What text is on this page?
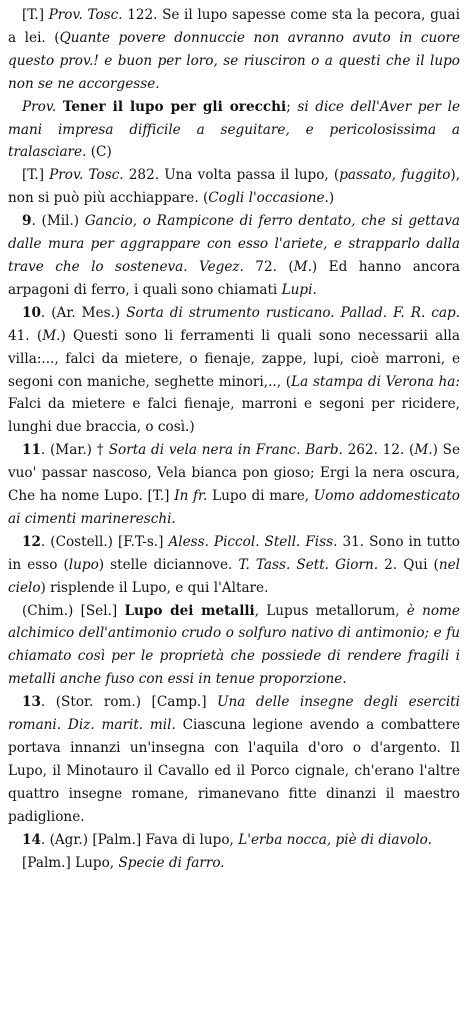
[T.] Prov. Tosc. 122. Se il lupo sapesse come sta la pecora, guai a lei. (Quante povere donnuccie non avranno avuto in cuore questo prov.! e buon per loro, se riusciron o a questi che il lupo non se ne accorgesse.

Prov. Tener il lupo per gli orecchi; si dice dell'Aver per le mani impresa difficile a seguitare, e pericolosissima a tralasciare. (C)

[T.] Prov. Tosc. 282. Una volta passa il lupo, (passato, fuggito), non si può più acchiappare. (Cogli l'occasione.)

9. (Mil.) Gancio, o Rampicone di ferro dentato, che si gettava dalle mura per aggrappare con esso l'ariete, e strapparlo dalla trave che lo sosteneva. Vegez. 72. (M.) Ed hanno ancora arpagoni di ferro, i quali sono chiamati Lupi.

10. (Ar. Mes.) Sorta di strumento rusticano. Pallad. F. R. cap. 41. (M.) Questi sono li ferramenti li quali sono necessarii alla villa:..., falci da mietere, o fienaje, zappe, lupi, cioè marroni, e segoni con maniche, seghette minori,.., (La stampa di Verona ha: Falci da mietere e falci fienaje, marroni e segoni per ricidere, lunghi due braccia, o così.)

11. (Mar.) † Sorta di vela nera in Franc. Barb. 262. 12. (M.) Se vuo' passar nascoso, Vela bianca pon gioso; Ergi la nera oscura, Che ha nome Lupo. [T.] In fr. Lupo di mare, Uomo addomesticato ai cimenti marinereschi.

12. (Costell.) [F.T-s.] Aless. Piccol. Stell. Fiss. 31. Sono in tutto in esso (lupo) stelle diciannove. T. Tass. Sett. Giorn. 2. Qui (nel cielo) risplende il Lupo, e qui l'Altare.

(Chim.) [Sel.] Lupo dei metalli, Lupus metallorum, è nome alchimico dell'antimonio crudo o solfuro nativo di antimonio; e fu chiamato così per le proprietà che possiede di rendere fragili i metalli anche fuso con essi in tenue proporzione.

13. (Stor. rom.) [Camp.] Una delle insegne degli eserciti romani. Diz. marit. mil. Ciascuna legione avendo a combattere portava innanzi un'insegna con l'aquila d'oro o d'argento. Il Lupo, il Minotauro il Cavallo ed il Porco cignale, ch'erano l'altre quattro insegne romane, rimanevano fitte dinanzi il maestro padiglione.

14. (Agr.) [Palm.] Fava di lupo, L'erba nocca, piè di diavolo.

[Palm.] Lupo, Specie di farro.
